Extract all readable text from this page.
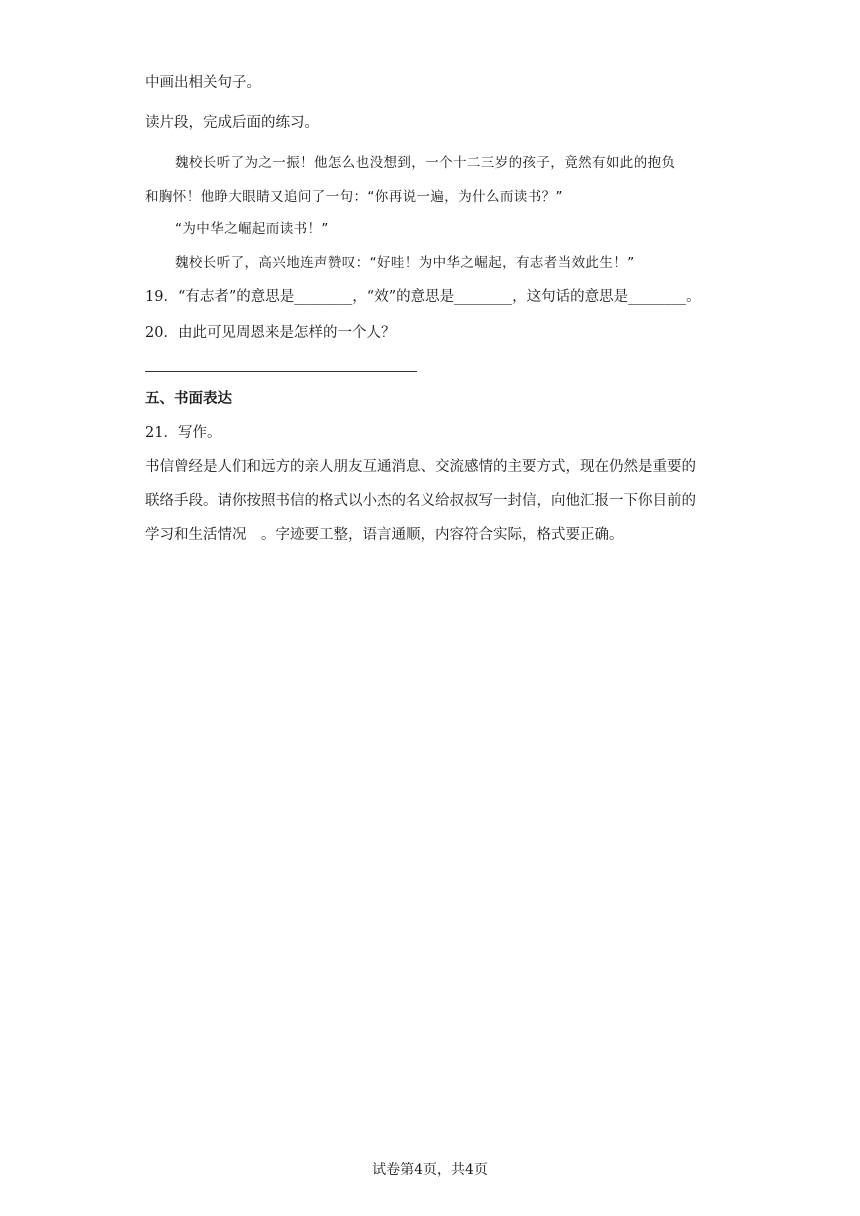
中画出相关句子。
读片段，完成后面的练习。
魏校长听了为之一振！他怎么也没想到，一个十二三岁的孩子，竟然有如此的抱负
和胸怀！他睁大眼睛又追问了一句：“你再说一遍，为什么而读书？”
“为中华之崛起而读书！”
魏校长听了，高兴地连声赞叹：“好哇！为中华之崛起，有志者当效此生！”
19．“有志者”的意思是________，“效”的意思是________，这句话的意思是________。
20．由此可见周恩来是怎样的一个人？
五、书面表达
21．写作。
书信曾经是人们和远方的亲人朋友互通消息、交流感情的主要方式，现在仍然是重要的
联络手段。请你按照书信的格式以小杰的名义给叔叔写一封信，向他汇报一下你目前的
学习和生活情况　。字迹要工整，语言通顺，内容符合实际，格式要正确。
试卷第4页，共4页
